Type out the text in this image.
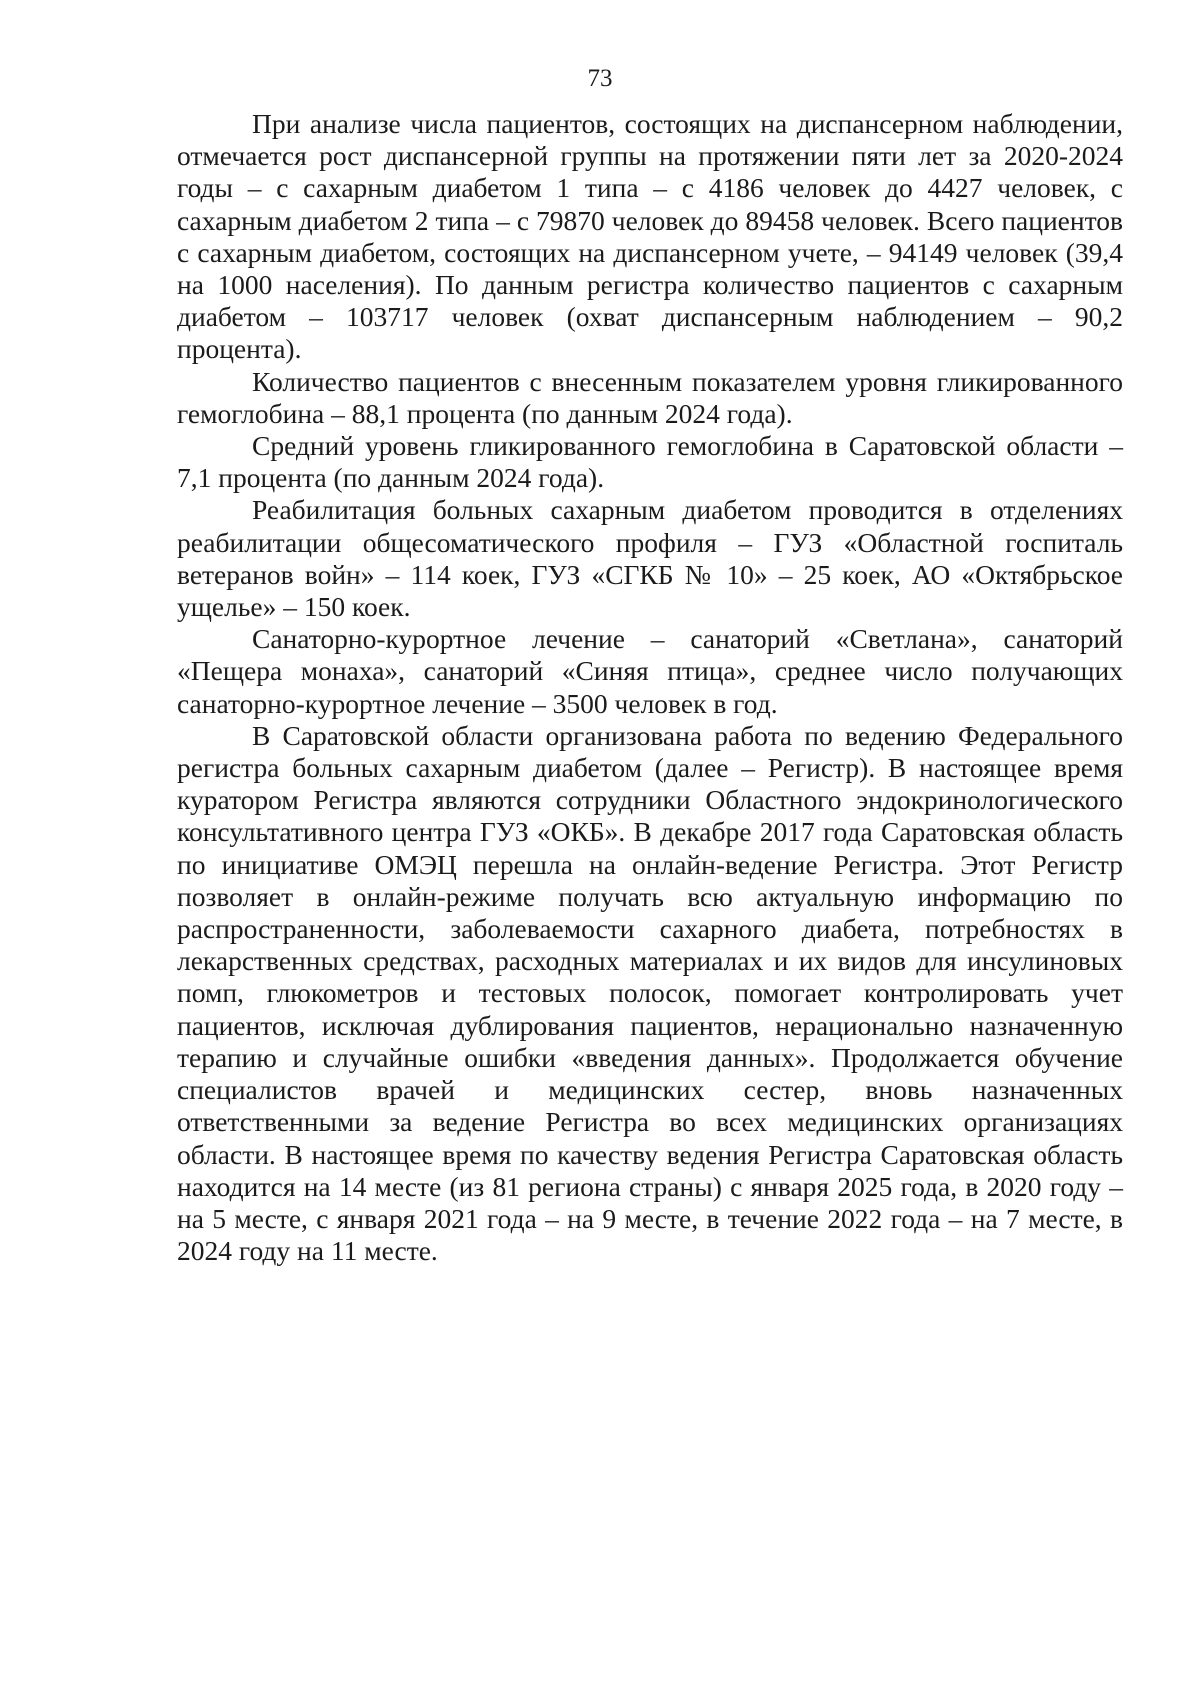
73

При анализе числа пациентов, состоящих на диспансерном наблюдении, отмечается рост диспансерной группы на протяжении пяти лет за 2020-2024 годы – с сахарным диабетом 1 типа – с 4186 человек до 4427 человек, с сахарным диабетом 2 типа – с 79870 человек до 89458 человек. Всего пациентов с сахарным диабетом, состоящих на диспансерном учете, – 94149 человек (39,4 на 1000 населения). По данным регистра количество пациентов с сахарным диабетом – 103717 человек (охват диспансерным наблюдением – 90,2 процента).

Количество пациентов с внесенным показателем уровня гликированного гемоглобина – 88,1 процента (по данным 2024 года).

Средний уровень гликированного гемоглобина в Саратовской области – 7,1 процента (по данным 2024 года).

Реабилитация больных сахарным диабетом проводится в отделениях реабилитации общесоматического профиля – ГУЗ «Областной госпиталь ветеранов войн» – 114 коек, ГУЗ «СГКБ № 10» – 25 коек, АО «Октябрьское ущелье» – 150 коек.

Санаторно-курортное лечение – санаторий «Светлана», санаторий «Пещера монаха», санаторий «Синяя птица», среднее число получающих санаторно-курортное лечение – 3500 человек в год.

В Саратовской области организована работа по ведению Федерального регистра больных сахарным диабетом (далее – Регистр). В настоящее время куратором Регистра являются сотрудники Областного эндокринологического консультативного центра ГУЗ «ОКБ». В декабре 2017 года Саратовская область по инициативе ОМЭЦ перешла на онлайн-ведение Регистра. Этот Регистр позволяет в онлайн-режиме получать всю актуальную информацию по распространенности, заболеваемости сахарного диабета, потребностях в лекарственных средствах, расходных материалах и их видов для инсулиновых помп, глюкометров и тестовых полосок, помогает контролировать учет пациентов, исключая дублирования пациентов, нерационально назначенную терапию и случайные ошибки «введения данных». Продолжается обучение специалистов врачей и медицинских сестер, вновь назначенных ответственными за ведение Регистра во всех медицинских организациях области. В настоящее время по качеству ведения Регистра Саратовская область находится на 14 месте (из 81 региона страны) с января 2025 года, в 2020 году – на 5 месте, с января 2021 года – на 9 месте, в течение 2022 года – на 7 месте, в 2024 году на 11 месте.
